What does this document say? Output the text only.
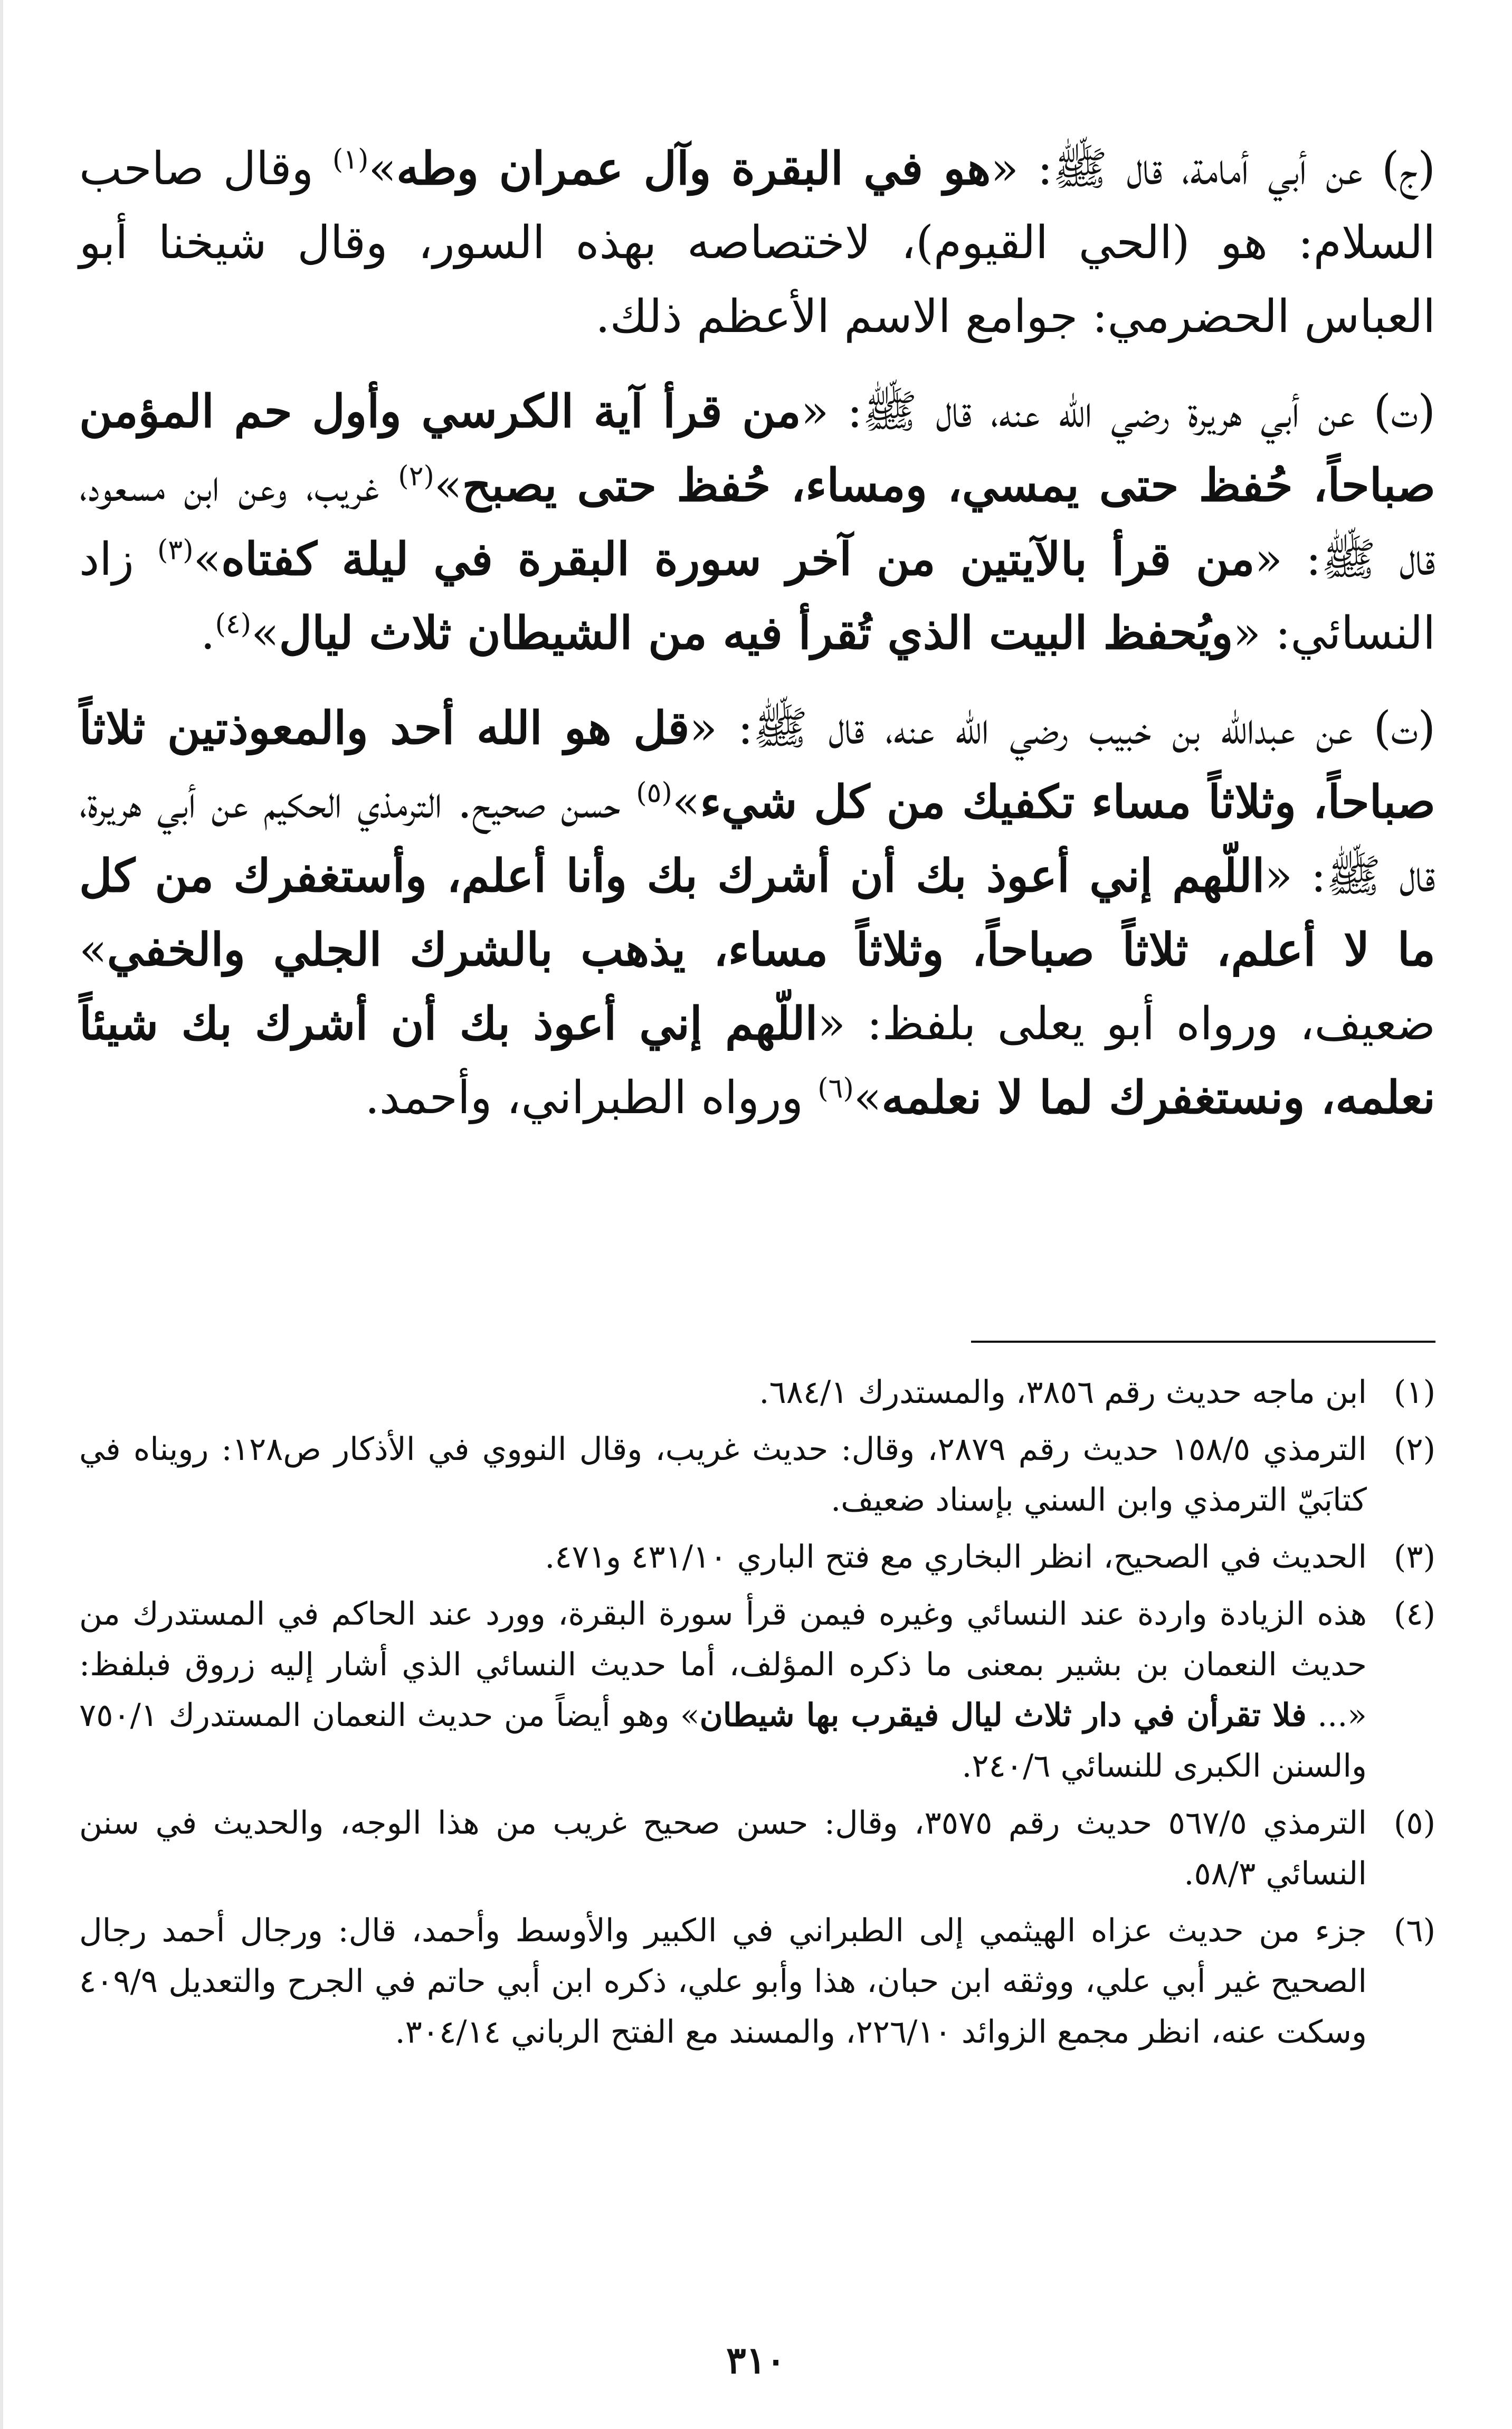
(ج) عن أبي أمامة، قال ﷺ: «هو في البقرة وآل عمران وطه»$^{(١)}$ وقال صاحب السلام: هو (الحي القيوم)، لاختصاصه بهذه السور، وقال شيخنا أبو العباس الحضرمي: جوامع الاسم الأعظم ذلك.

(ت) عن أبي هريرة رضي الله عنه، قال ﷺ: «من قرأ آية الكرسي وأول حم المؤمن صباحاً، حُفظ حتى يمسي، ومساء، حُفظ حتى يصبح»$^{(٢)}$ غريب، وعن ابن مسعود، قال ﷺ: «من قرأ بالآيتين من آخر سورة البقرة في ليلة كفتاه»$^{(٣)}$ زاد النسائي: «ويُحفظ البيت الذي تُقرأ فيه من الشيطان ثلاث ليال»$^{(٤)}$.

(ت) عن عبدالله بن خبيب رضي الله عنه، قال ﷺ: «قل هو الله أحد والمعوذتين ثلاثاً صباحاً، وثلاثاً مساء تكفيك من كل شيء»$^{(٥)}$ حسن صحيح. الترمذي الحكيم عن أبي هريرة، قال ﷺ: «اللّهم إني أعوذ بك أن أشرك بك وأنا أعلم، وأستغفرك من كل ما لا أعلم، ثلاثاً صباحاً، وثلاثاً مساء، يذهب بالشرك الجلي والخفي» ضعيف، ورواه أبو يعلى بلفظ: «اللّهم إني أعوذ بك أن أشرك بك شيئاً نعلمه، ونستغفرك لما لا نعلمه»$^{(٦)}$ ورواه الطبراني، وأحمد.

(١)
ابن ماجه حديث رقم ٣٨٥٦، والمستدرك ٦٨٤/١.
(٢)
الترمذي ١٥٨/٥ حديث رقم ٢٨٧٩، وقال: حديث غريب، وقال النووي في الأذكار ص١٢٨: رويناه في كتابَيّ الترمذي وابن السني بإسناد ضعيف.
(٣)
الحديث في الصحيح، انظر البخاري مع فتح الباري ٤٣١/١٠ و٤٧١.
(٤)
هذه الزيادة واردة عند النسائي وغيره فيمن قرأ سورة البقرة، وورد عند الحاكم في المستدرك من حديث النعمان بن بشير بمعنى ما ذكره المؤلف، أما حديث النسائي الذي أشار إليه زروق فبلفظ: «... فلا تقرأن في دار ثلاث ليال فيقرب بها شيطان» وهو أيضاً من حديث النعمان المستدرك ٧٥٠/١ والسنن الكبرى للنسائي ٢٤٠/٦.
(٥)
الترمذي ٥٦٧/٥ حديث رقم ٣٥٧٥، وقال: حسن صحيح غريب من هذا الوجه، والحديث في سنن النسائي ٥٨/٣.
(٦)
جزء من حديث عزاه الهيثمي إلى الطبراني في الكبير والأوسط وأحمد، قال: ورجال أحمد رجال الصحيح غير أبي علي، ووثقه ابن حبان، هذا وأبو علي، ذكره ابن أبي حاتم في الجرح والتعديل ٤٠٩/٩ وسكت عنه، انظر مجمع الزوائد ٢٢٦/١٠، والمسند مع الفتح الرباني ٣٠٤/١٤.
٣١٠
